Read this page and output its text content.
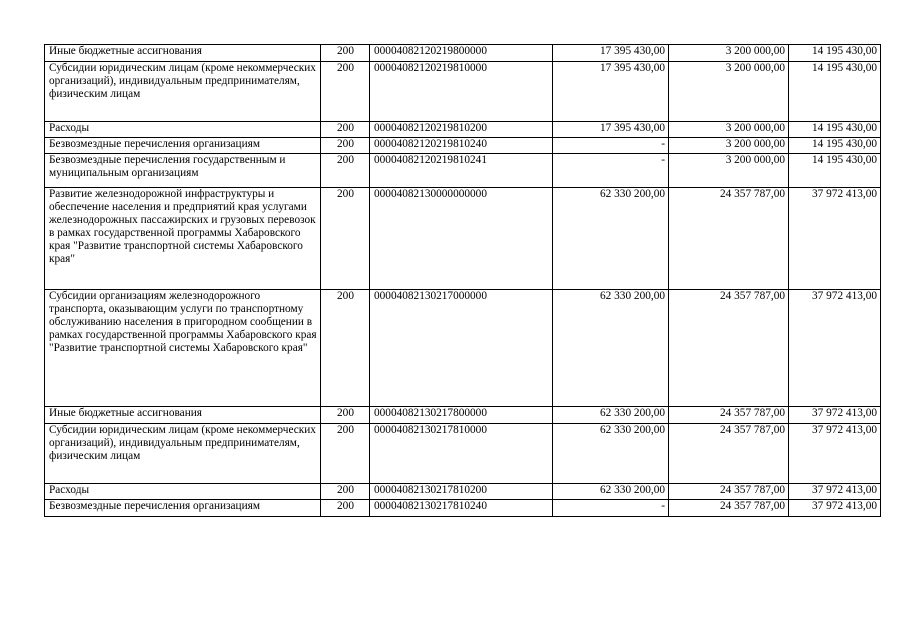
Иные бюджетные ассигнования	200	00004082120219800000	17 395 430,00	3 200 000,00	14 195 430,00
Субсидии юридическим лицам (кроме некоммерческих организаций), индивидуальным предпринимателям, физическим лицам	200	00004082120219810000	17 395 430,00	3 200 000,00	14 195 430,00
Расходы	200	00004082120219810200	17 395 430,00	3 200 000,00	14 195 430,00
Безвозмездные перечисления организациям	200	00004082120219810240	-	3 200 000,00	14 195 430,00
Безвозмездные перечисления государственным и муниципальным организациям	200	00004082120219810241	-	3 200 000,00	14 195 430,00
Развитие железнодорожной инфраструктуры и обеспечение населения и предприятий края услугами железнодорожных пассажирских и грузовых перевозок в рамках государственной программы Хабаровского края "Развитие транспортной системы Хабаровского края"	200	00004082130000000000	62 330 200,00	24 357 787,00	37 972 413,00
Субсидии организациям железнодорожного транспорта, оказывающим услуги по транспортному обслуживанию населения в пригородном сообщении в рамках государственной программы Хабаровского края "Развитие транспортной системы Хабаровского края"	200	00004082130217000000	62 330 200,00	24 357 787,00	37 972 413,00
Иные бюджетные ассигнования	200	00004082130217800000	62 330 200,00	24 357 787,00	37 972 413,00
Субсидии юридическим лицам (кроме некоммерческих организаций), индивидуальным предпринимателям, физическим лицам	200	00004082130217810000	62 330 200,00	24 357 787,00	37 972 413,00
Расходы	200	00004082130217810200	62 330 200,00	24 357 787,00	37 972 413,00
Безвозмездные перечисления организациям	200	00004082130217810240	-	24 357 787,00	37 972 413,00
